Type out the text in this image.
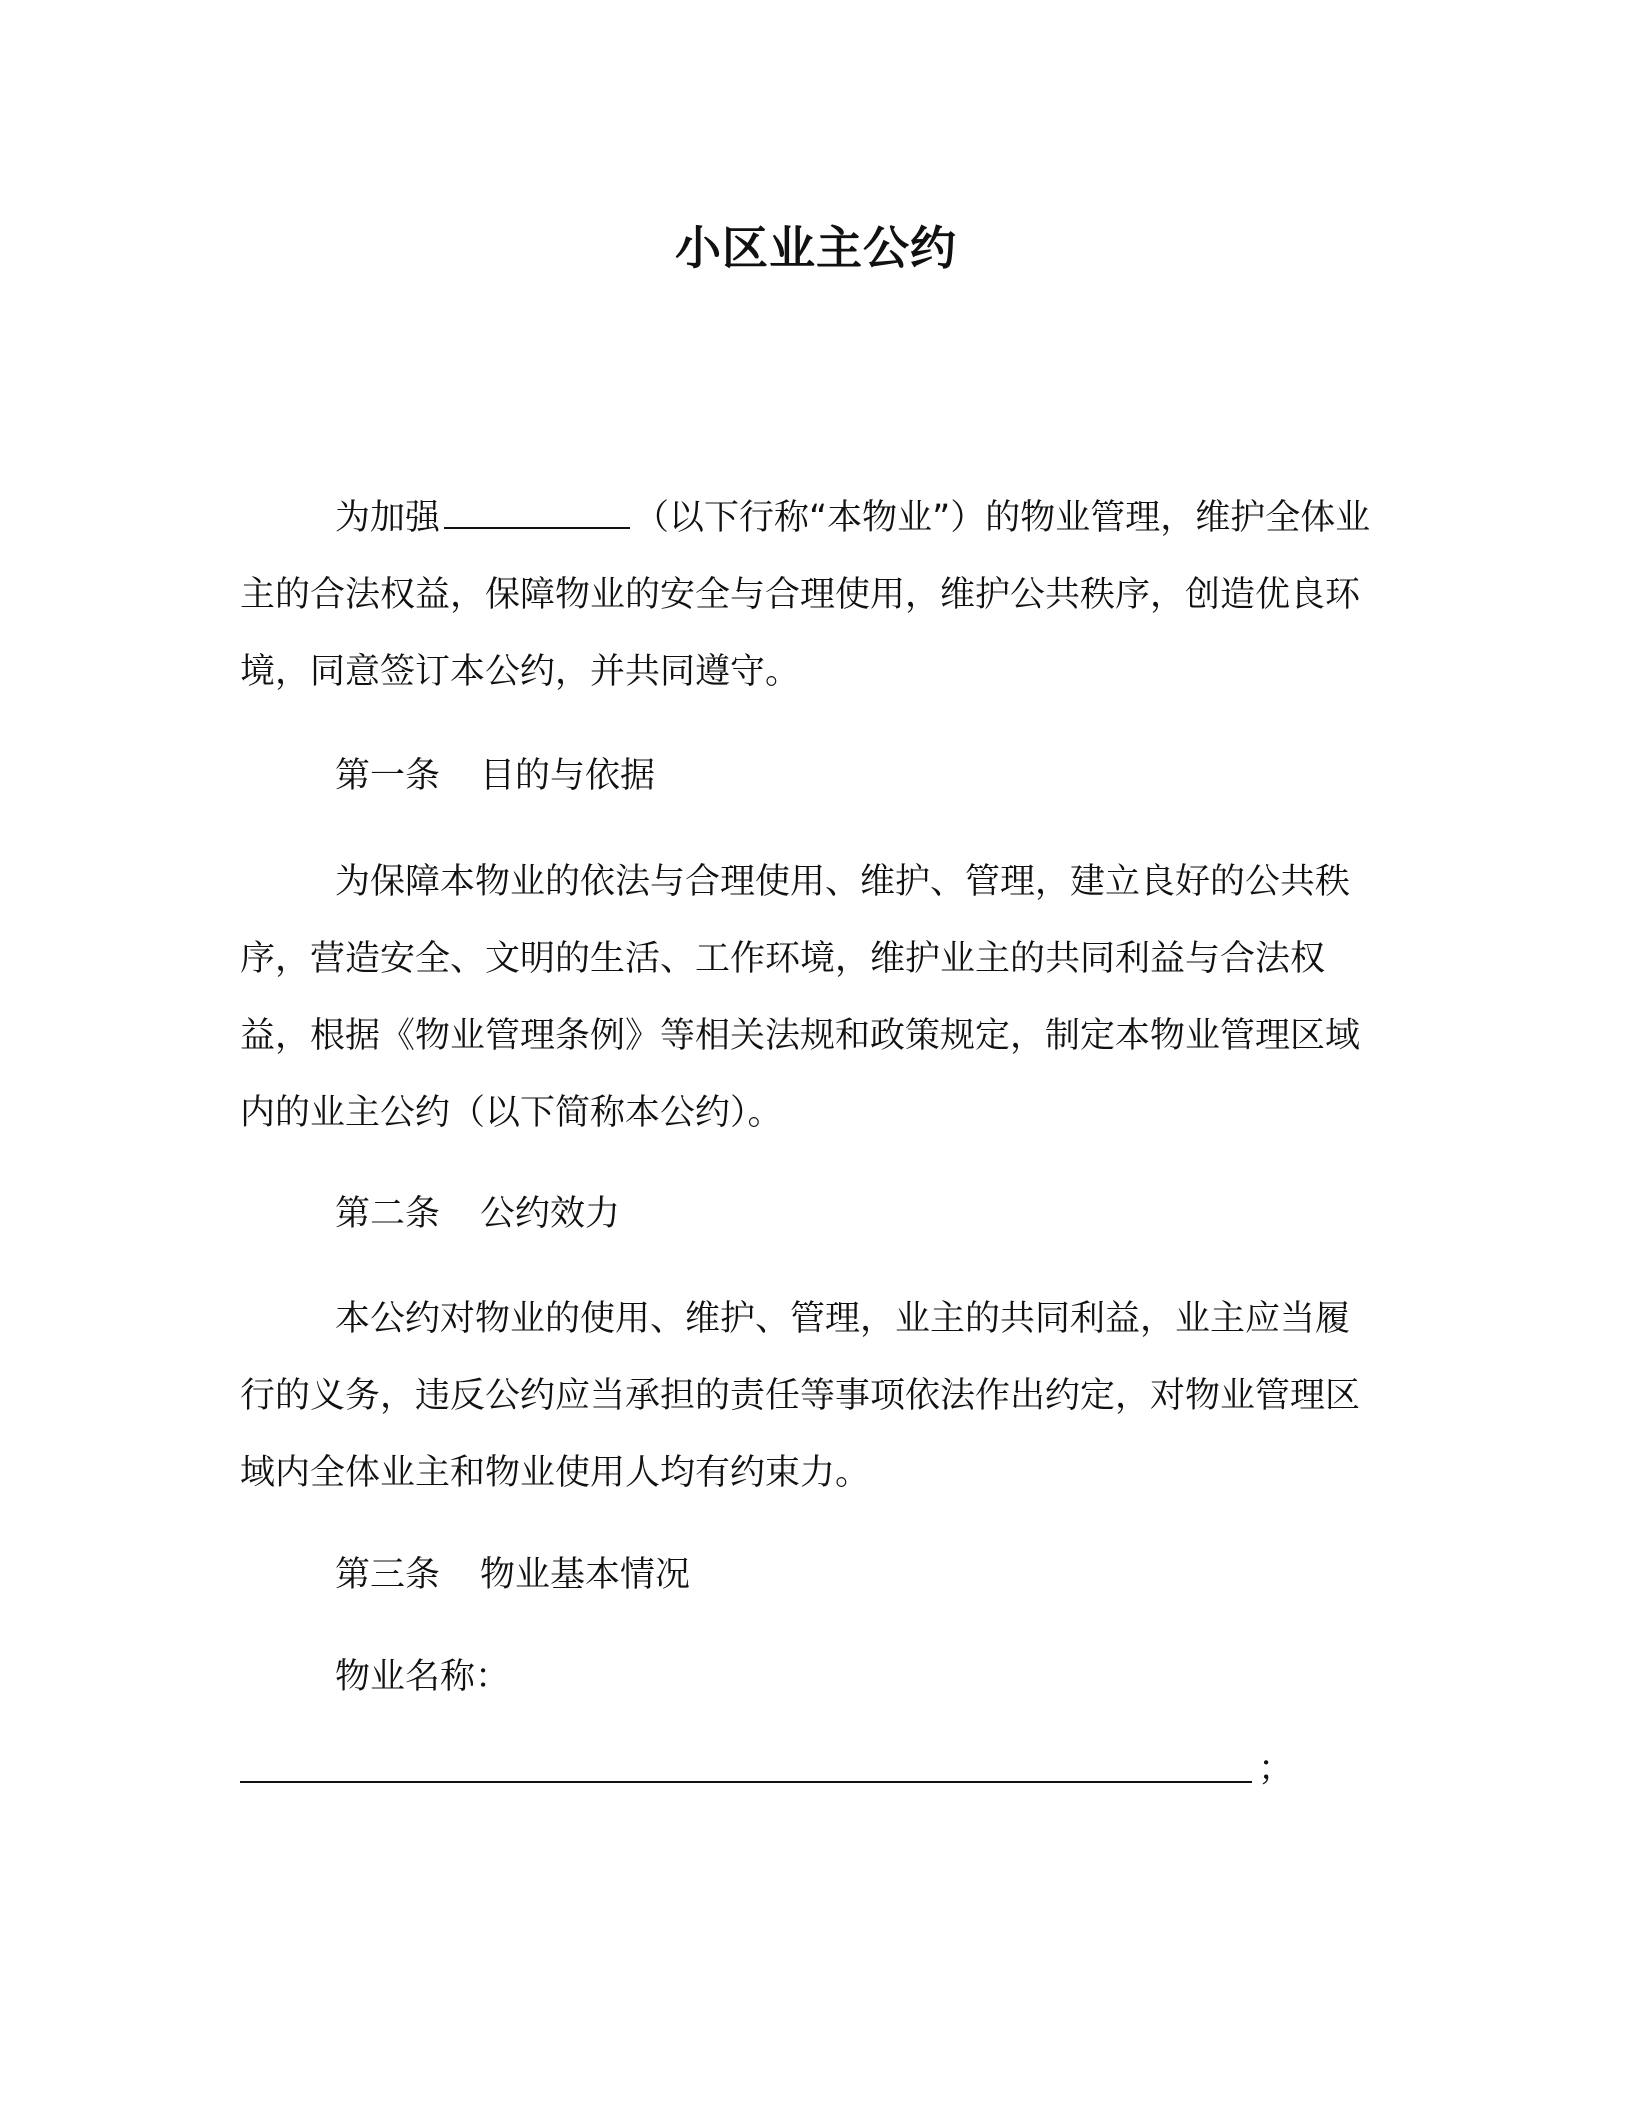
小区业主公约

为加强	（以下行称“本物业”）的物业管理，维护全体业主的合法权益，保障物业的安全与合理使用，维护公共秩序，创造优良环境，同意签订本公约，并共同遵守。

第一条 目的与依据

为保障本物业的依法与合理使用、维护、管理，建立良好的公共秩序，营造安全、文明的生活、工作环境，维护业主的共同利益与合法权益，根据《物业管理条例》等相关法规和政策规定，制定本物业管理区域内的业主公约（以下简称本公约）。

第二条 公约效力

本公约对物业的使用、维护、管理，业主的共同利益，业主应当履行的义务，违反公约应当承担的责任等事项依法作出约定，对物业管理区域内全体业主和物业使用人均有约束力。

第三条 物业基本情况
物业名称：
；
